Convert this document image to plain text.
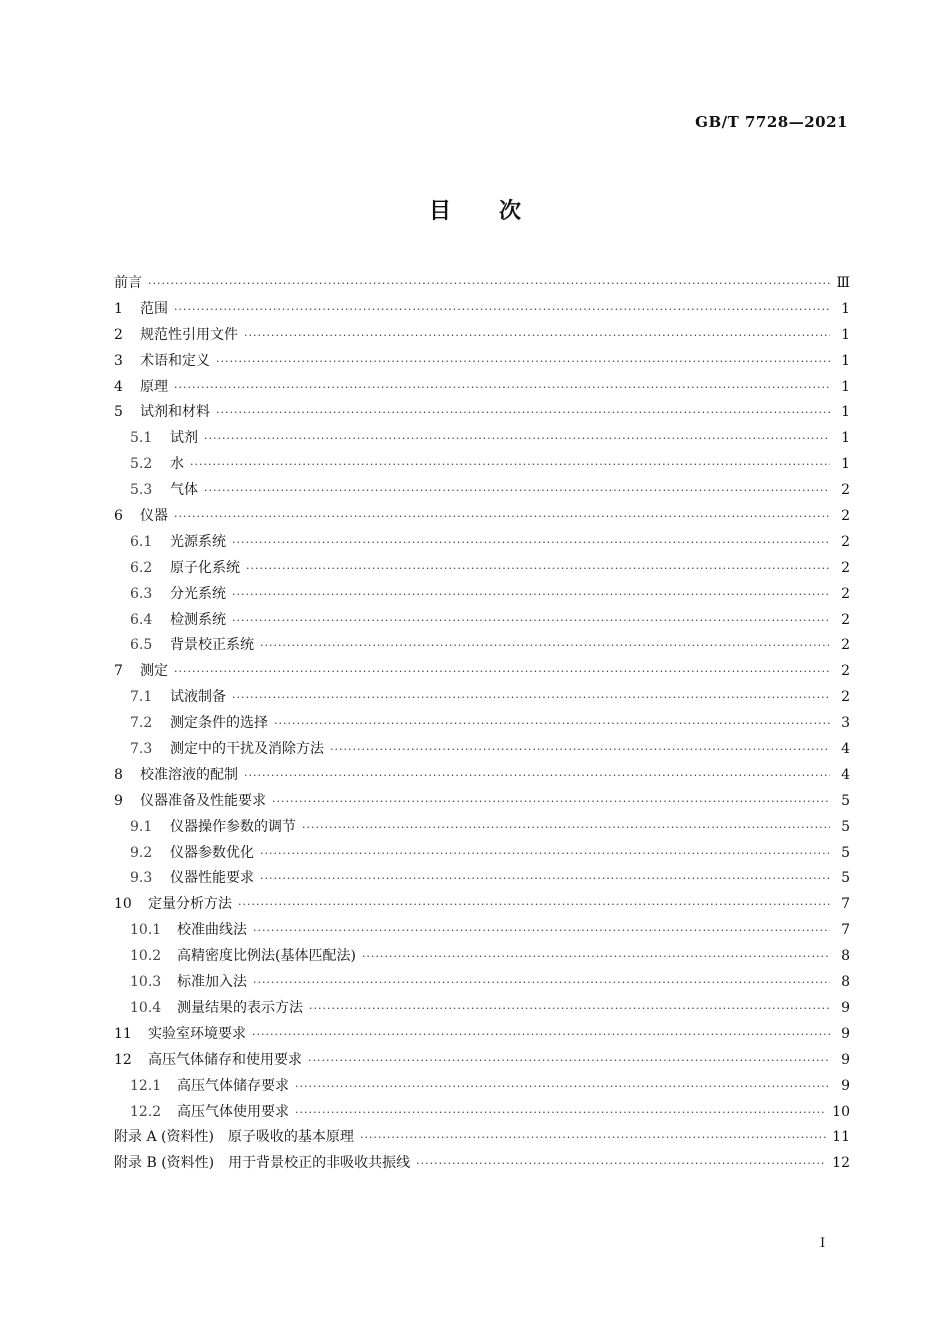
GB/T 7728—2021
目 次
前言 ·····	Ⅲ
1	范围 ·····	1
2	规范性引用文件 ·····	1
3	术语和定义 ·····	1
4	原理 ·····	1
5	试剂和材料 ·····	1
5.1	试剂 ·····	1
5.2	水 ·····	1
5.3	气体 ·····	2
6	仪器 ·····	2
6.1	光源系统 ·····	2
6.2	原子化系统 ·····	2
6.3	分光系统 ·····	2
6.4	检测系统 ·····	2
6.5	背景校正系统 ·····	2
7	测定 ·····	2
7.1	试液制备 ·····	2
7.2	测定条件的选择 ·····	3
7.3	测定中的干扰及消除方法 ·····	4
8	校准溶液的配制 ·····	4
9	仪器准备及性能要求 ·····	5
9.1	仪器操作参数的调节 ·····	5
9.2	仪器参数优化 ·····	5
9.3	仪器性能要求 ·····	5
10	定量分析方法 ·····	7
10.1	校准曲线法 ·····	7
10.2	高精密度比例法(基体匹配法) ·····	8
10.3	标准加入法 ·····	8
10.4	测量结果的表示方法 ·····	9
11	实验室环境要求 ·····	9
12	高压气体储存和使用要求 ·····	9
12.1	高压气体储存要求 ·····	9
12.2	高压气体使用要求 ·····	10
附录 A (资料性)　原子吸收的基本原理 ·····	11
附录 B (资料性)　用于背景校正的非吸收共振线 ·····	12
I
